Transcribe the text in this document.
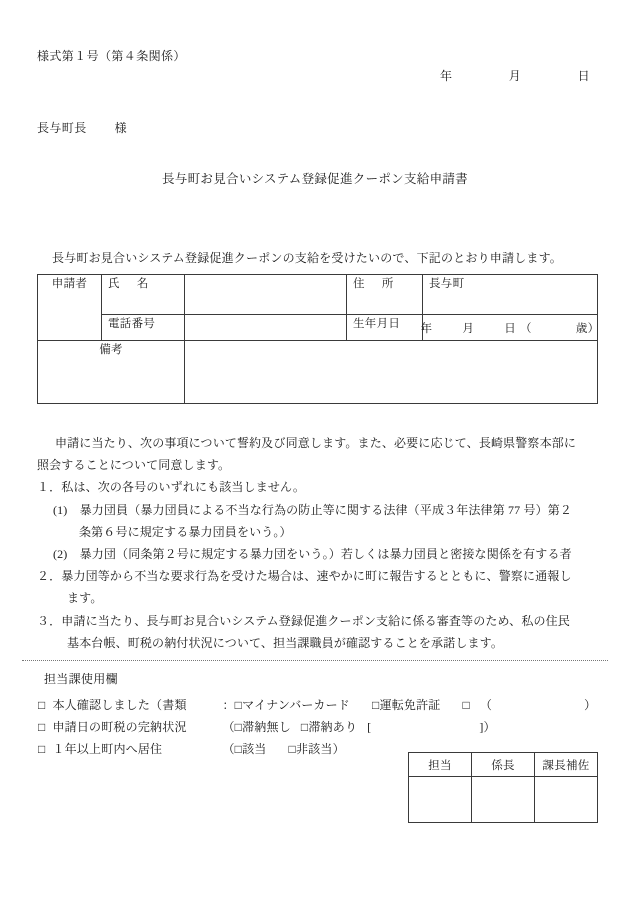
様式第１号（第４条関係）
年	月	日
長与町長 様
長与町お見合いシステム登録促進クーポン支給申請書
長与町お見合いシステム登録促進クーポンの支給を受けたいので、下記のとおり申請します。
申請者	氏 名		住 所	長与町
	電話番号		生年月日	年 月 日 （ 歳）

備考				

申請に当たり、次の事項について誓約及び同意します。また、必要に応じて、長崎県警察本部に

照会することについて同意します。

１．私は、次の各号のいずれにも該当しません。

(1)　暴力団員（暴力団員による不当な行為の防止等に関する法律（平成３年法律第 77 号）第２

条第６号に規定する暴力団員をいう。）

(2)　暴力団（同条第２号に規定する暴力団をいう。）若しくは暴力団員と密接な関係を有する者

２．暴力団等から不当な要求行為を受けた場合は、速やかに町に報告するとともに、警察に通報し

ます。

３．申請に当たり、長与町お見合いシステム登録促進クーポン支給に係る審査等のため、私の住民

基本台帳、町税の納付状況について、担当課職員が確認することを承諾します。

担当課使用欄
□ 本人確認しました（書類	： □マイナンバーカード □運転免許証 □ （	）
□ 申請日の町税の完納状況	（ □滞納無し □滞納あり [	]）
□ １年以上町内へ居住	（ □該当 □非該当）
担当	係長	課長補佐
